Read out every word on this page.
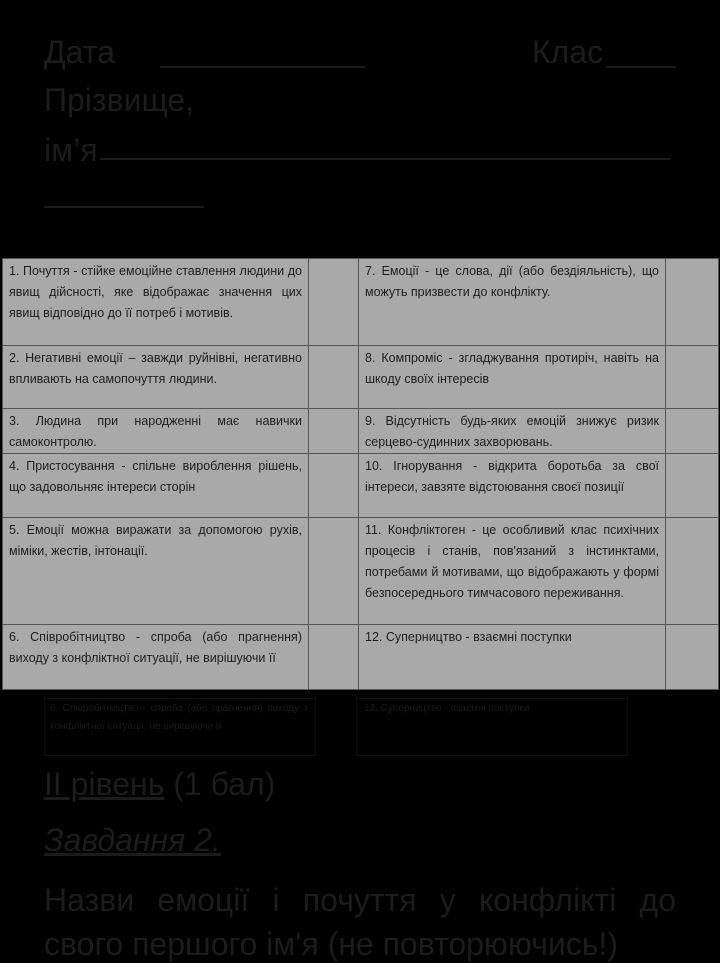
Дата	Клас
Прізвище,
ім’я
1. Почуття - стійке емоційне ставлення людини до явищ дійсності, яке відображає значення цих явищ відповідно до її потреб і мотивів.		7. Емоції - це слова, дії (або бездіяльність), що можуть призвести до конфлікту.	
2. Негативні емоції – завжди руйнівні, негативно впливають на самопочуття людини.		8. Компроміс - згладжування протиріч, навіть на шкоду своїх інтересів	
3. Людина при народженні має навички самоконтролю.		9. Відсутність будь-яких емоцій знижує ризик серцево-судинних захворювань.	
4. Пристосування - спільне вироблення рішень, що задовольняє інтереси сторін		10. Ігнорування - відкрита боротьба за свої інтереси, завзяте відстоювання своєї позиції	
5. Емоції можна виражати за допомогою рухів, міміки, жестів, інтонації.		11. Конфліктоген - це особливий клас психічних процесів і станів, пов'язаний з інстинктами, потребами й мотивами, що відображають у формі безпосереднього тимчасового переживання.	
6. Співробітництво - спроба (або прагнення) виходу з конфліктної ситуації, не вирішуючи її		12. Суперництво - взаємні поступки	
6. Співробітництво - спроба (або прагнення) виходу з конфліктної ситуації, не вирішуючи її
12. Суперництво - взаємні поступки
ІІ рівень (1 бал)
Завдання 2.
Назви емоції і почуття у конфлікті до
свого першого ім'я (не повторюючись!)
